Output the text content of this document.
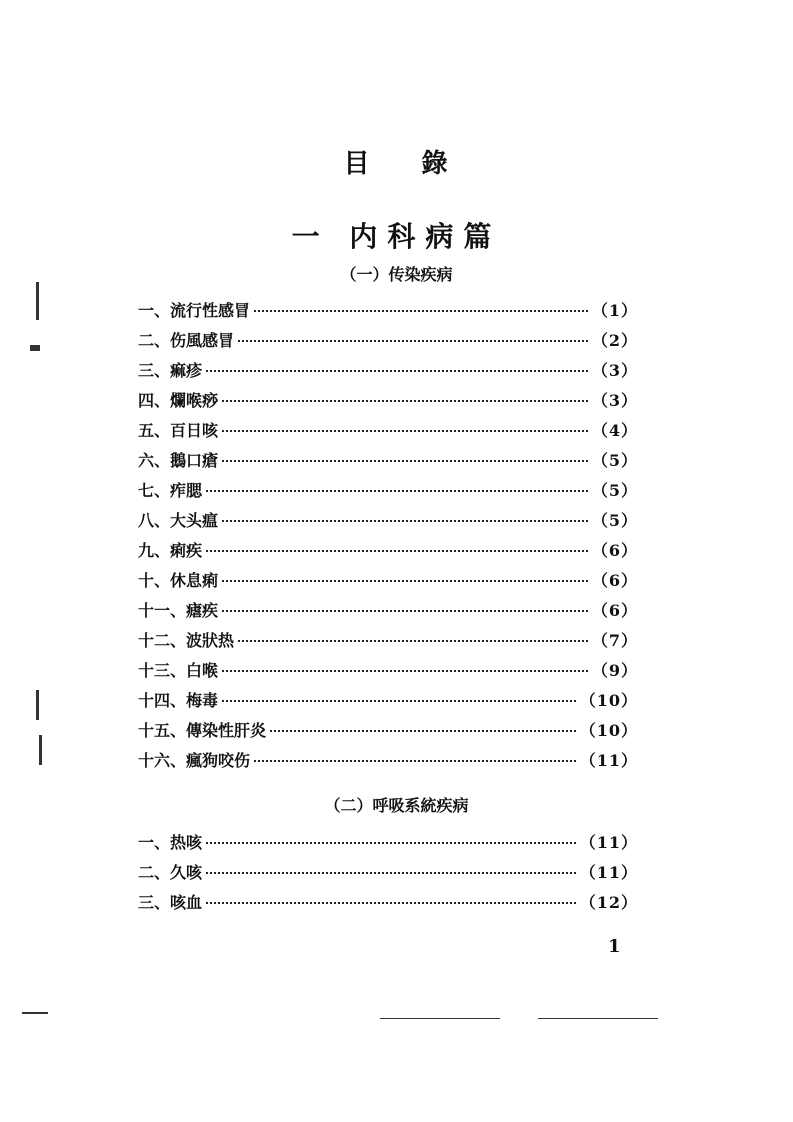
目 錄
一 内科病篇
（一）传染疾病
一、流行性感冒	（1）
二、伤風感冒	（2）
三、痲疹	（3）
四、爛喉痧	（3）
五、百日咳	（4）
六、鵝口瘡	（5）
七、痄腮	（5）
八、大头瘟	（5）
九、痢疾	（6）
十、休息痢	（6）
十一、瘧疾	（6）
十二、波狀热	（7）
十三、白喉	（9）
十四、梅毒	（10）
十五、傳染性肝炎	（10）
十六、瘋狗咬伤	（11）
（二）呼吸系統疾病
一、热咳	（11）
二、久咳	（11）
三、咳血	（12）
1
